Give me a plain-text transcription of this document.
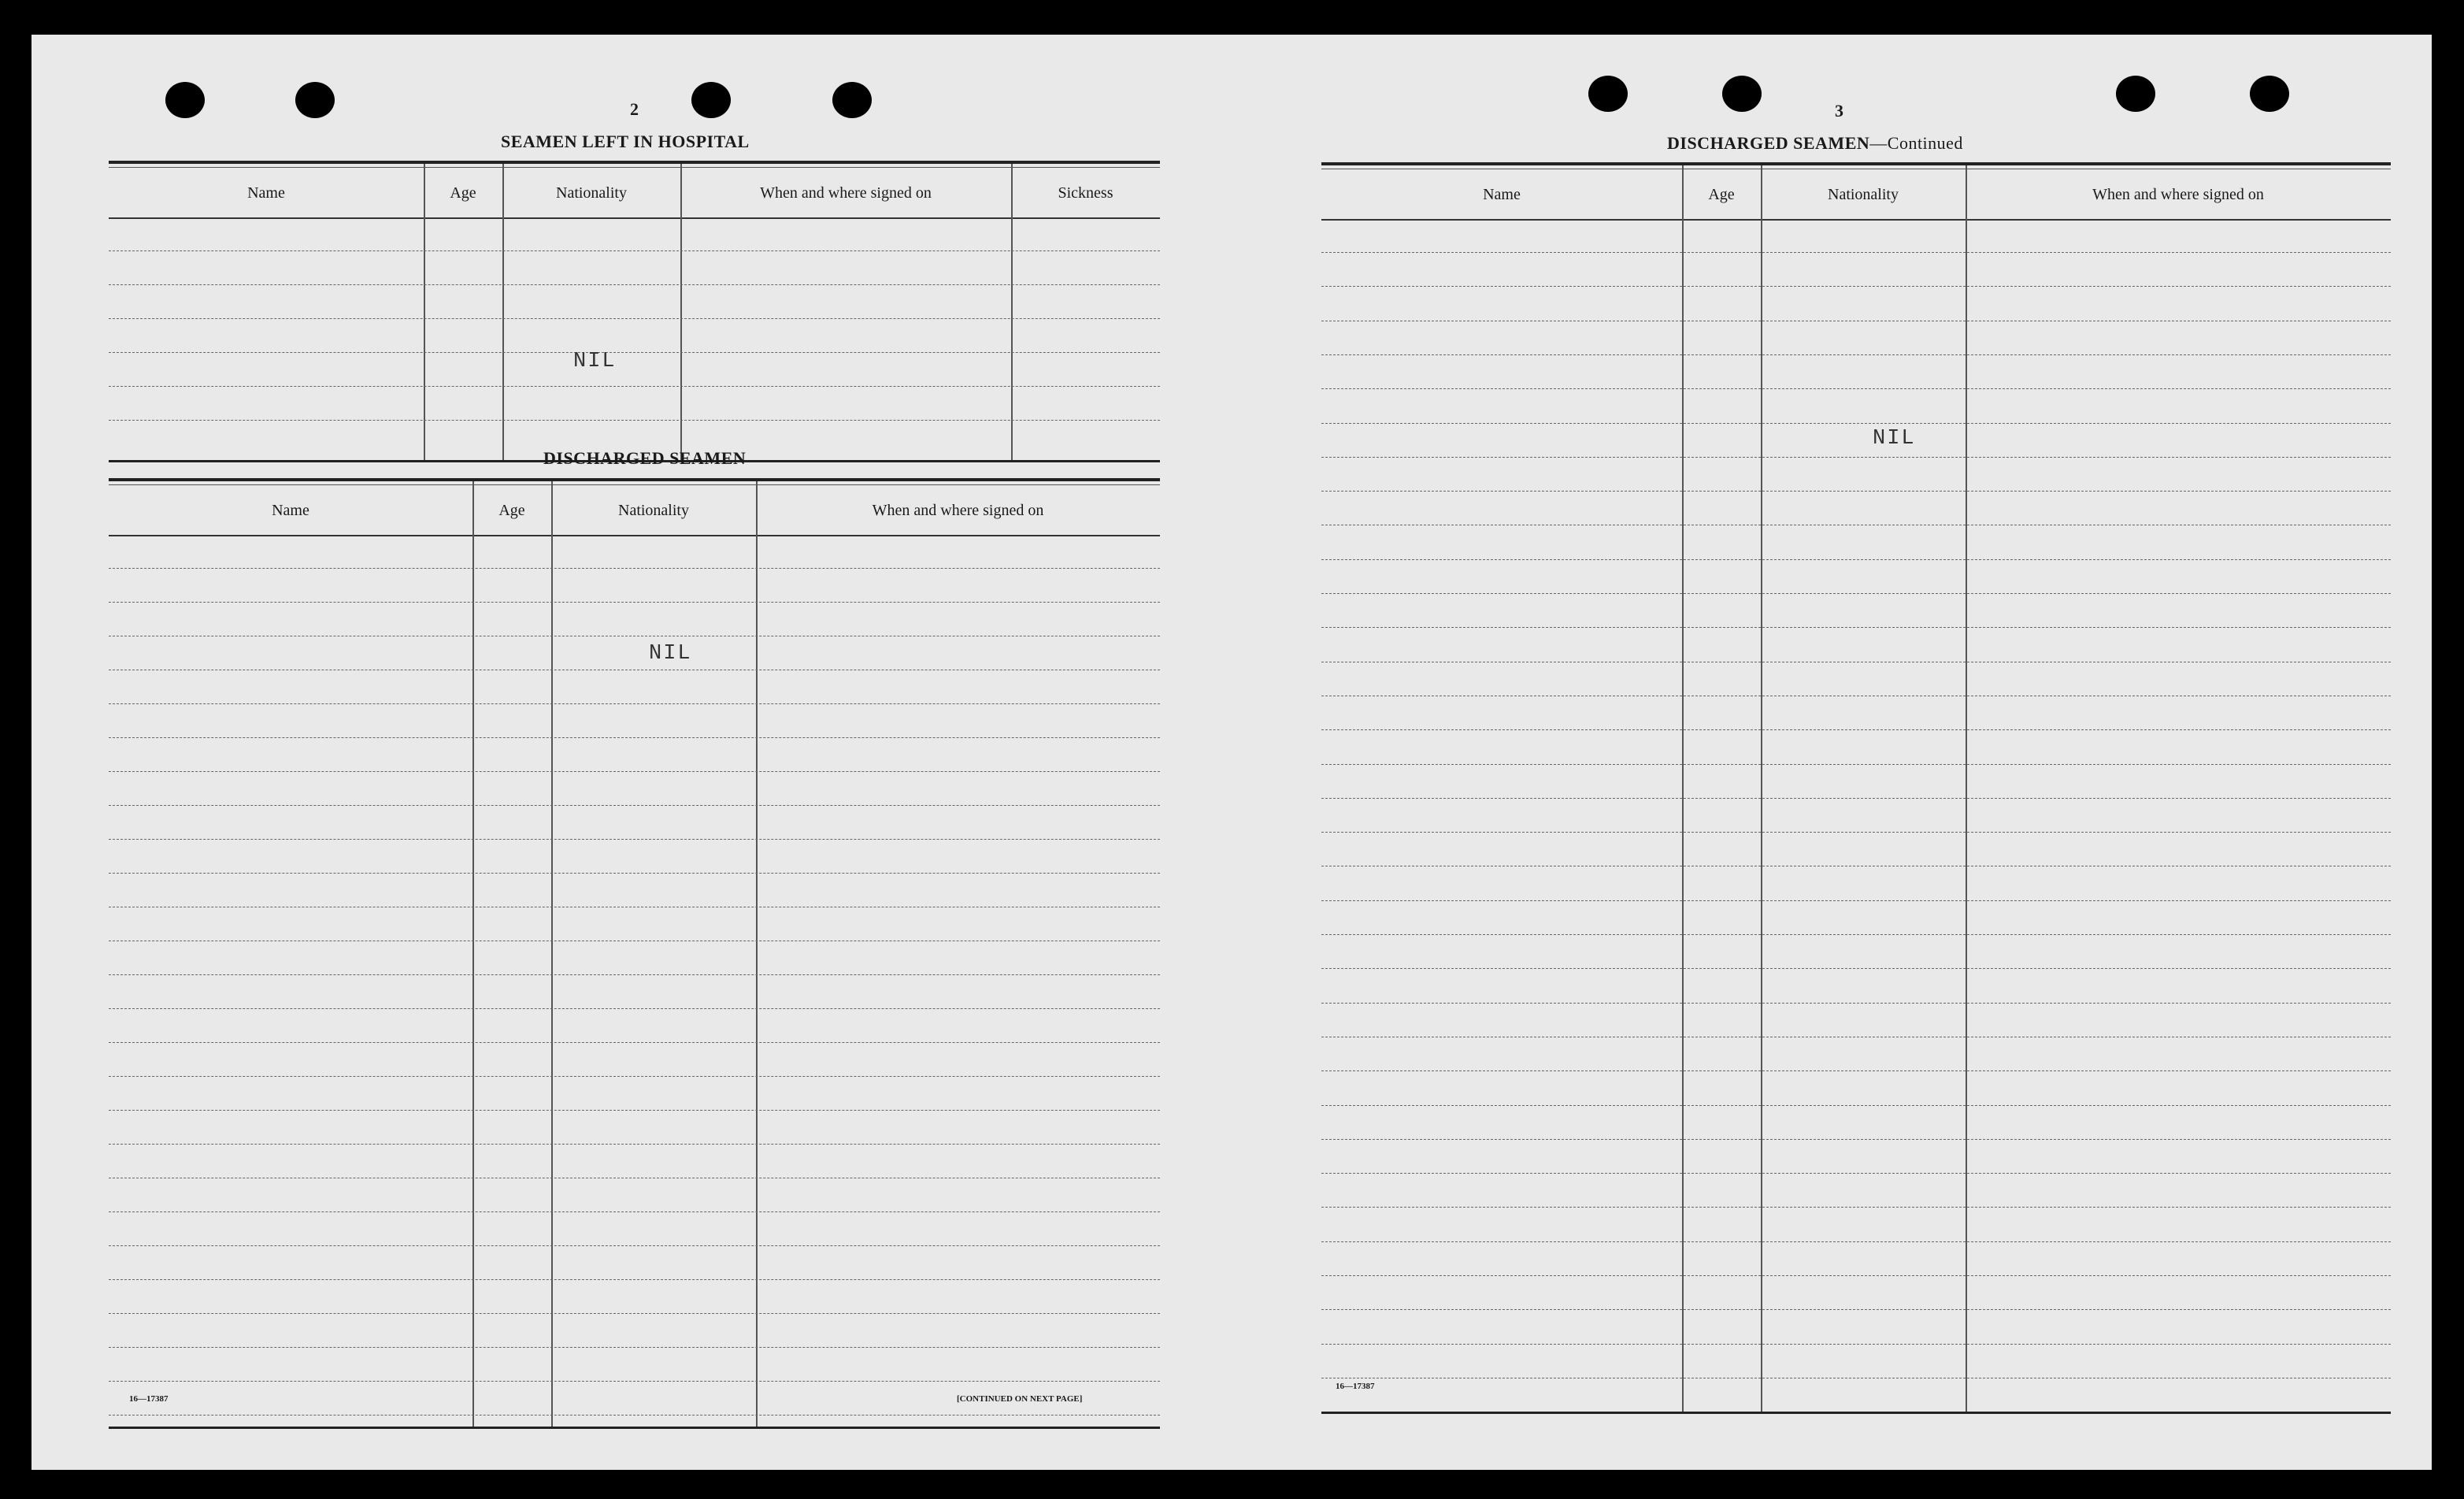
2
SEAMEN LEFT IN HOSPITAL
Name	Age	Nationality	When and where signed on	Sickness
NIL
DISCHARGED SEAMEN
Name	Age	Nationality	When and where signed on
NIL
16—17387	[CONTINUED ON NEXT PAGE]
3
DISCHARGED SEAMEN—Continued
Name	Age	Nationality	When and where signed on
NIL
16—17387
